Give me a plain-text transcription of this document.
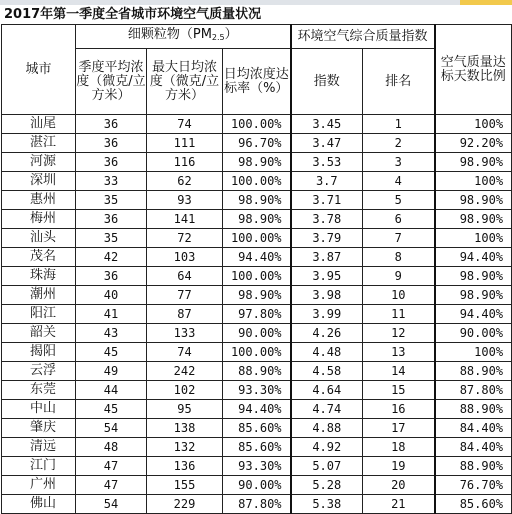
2017年第一季度全省城市环境空气质量状况
城市	细颗粒物$(PM_{2.5})$			环境空气综合质量指数		空气质量达标天数比例
	季度平均浓度（微克/立方米）	最大日均浓度（微克/立方米）	日均浓度达标率（%）	指数	排名	
汕尾	36	74	100.00%	3.45	1	100%
湛江	36	111	96.70%	3.47	2	92.20%
河源	36	116	98.90%	3.53	3	98.90%
深圳	33	62	100.00%	3.7	4	100%
惠州	35	93	98.90%	3.71	5	98.90%
梅州	36	141	98.90%	3.78	6	98.90%
汕头	35	72	100.00%	3.79	7	100%
茂名	42	103	94.40%	3.87	8	94.40%
珠海	36	64	100.00%	3.95	9	98.90%
潮州	40	77	98.90%	3.98	10	98.90%
阳江	41	87	97.80%	3.99	11	94.40%
韶关	43	133	90.00%	4.26	12	90.00%
揭阳	45	74	100.00%	4.48	13	100%
云浮	49	242	88.90%	4.58	14	88.90%
东莞	44	102	93.30%	4.64	15	87.80%
中山	45	95	94.40%	4.74	16	88.90%
肇庆	54	138	85.60%	4.88	17	84.40%
清远	48	132	85.60%	4.92	18	84.40%
江门	47	136	93.30%	5.07	19	88.90%
广州	47	155	90.00%	5.28	20	76.70%
佛山	54	229	87.80%	5.38	21	85.60%
